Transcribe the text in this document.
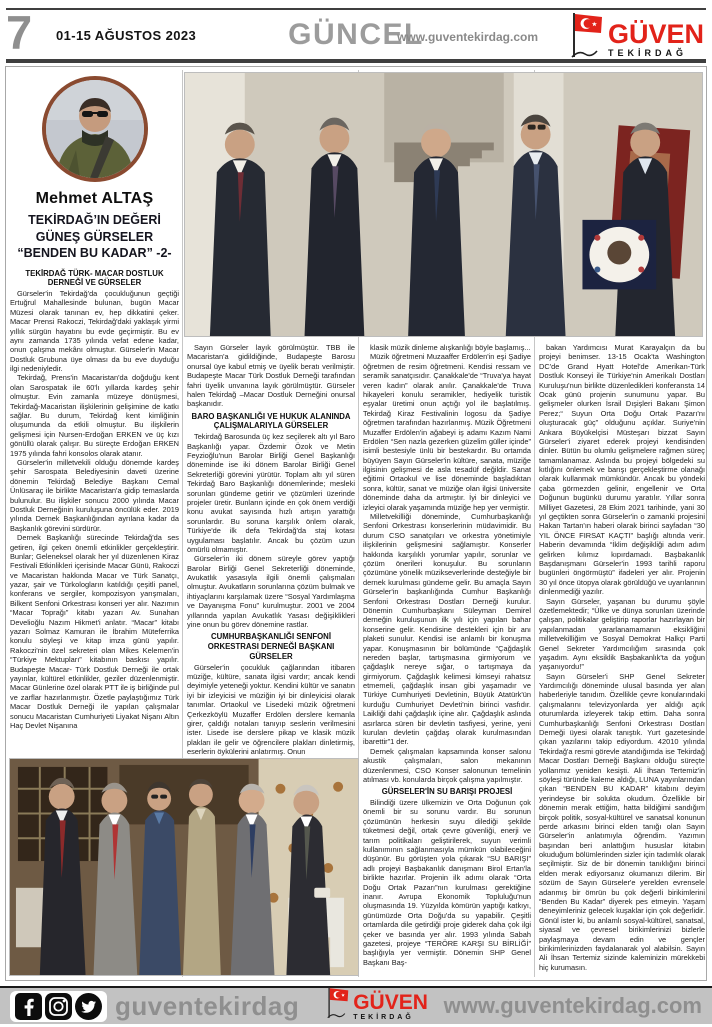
7 01-15 AĞUSTOS 2023	GÜNCEL
www.guventekirdag.com	GÜVEN
TEKİRDAĞ
Mehmet ALTAŞ
TEKİRDAĞ’IN DEĞERİ
GÜNEŞ GÜRSELER
“BENDEN BU KADAR” -2-
TEKİRDAĞ TÜRK- MACAR DOSTLUK DERNEĞİ VE GÜRSELER

Gürseler'in Tekirdağ'da çocukluğunun geçtiği Ertuğrul Mahallesinde bulunan, bugün Macar Müzesi olarak tanınan ev, hep dikkatini çeker. Macar Prensi Rakoczi, Tekirdağ'daki yaklaşık yirmi yıllık sürgün hayatını bu evde geçirmiştir. Bu ev aynı zamanda 1735 yılında vefat edene kadar, onun çalışma mekânı olmuştur. Gürseler'in Macar Dostluk Grubuna üye olması da bu eve duyduğu ilgi nedeniyledir.

Tekirdağ, Prens'in Macaristan'da doğduğu kent olan Sarospatak ile 60'lı yıllarda kardeş şehir olmuştur. Evin zamanla müzeye dönüşmesi, Tekirdağ-Macaristan ilişkilerinin gelişimine de katkı sağlar. Bu durum, Tekirdağ kent kimliğinin oluşumunda da etkili olmuştur. Bu ilişkilerin gelişmesi için Nursen-Erdoğan ERKEN ve üç kızı gönüllü olarak çalışır. Bu süreçte Erdoğan ERKEN 1975 yılında fahri konsolos olarak atanır.

Gürseler'in milletvekili olduğu dönemde kardeş şehir Sarospata Belediyesinin daveti üzerine dönemin Tekirdağ Belediye Başkanı Cemal Ünlüsaraç ile birlikte Macaristan'a gidip temaslarda bulunulur. Bu ilişkiler sonucu 2000 yılında Macar Dostluk Derneğinin kuruluşuna öncülük eder. 2019 yılında Dernek Başkanlığından ayrılana kadar da Başkanlık görevini sürdürür.

Dernek Başkanlığı sürecinde Tekirdağ'da ses getiren, ilgi çeken önemli etkinlikler gerçekleştirir. Bunlar; Geleneksel olarak her yıl düzenlenen Kiraz Festivali Etkinlikleri içerisinde Macar Günü, Rakoczi ve Macaristan hakkında Macar ve Türk Sanatçı, yazar, şair ve Türkologların katıldığı çeşitli panel, konferans ve sergiler, kompozisyon yarışmaları, Bilkent Senfoni Orkestrası konseri yer alır. Nazımın “Macar Toprağı” kitabı yazarı Av. Sunahan Develioğlu Nazım Hikmet'i anlatır. “Macar” kitabı yazarı Solmaz Kamuran ile İbrahim Müteferrika konulu söyleşi ve kitap imza günü yapılır. Rakoczi'nin özel sekreteri olan Mikes Kelemen'in “Türkiye Mektupları” kitabının baskısı yapılır. Budapeşte Macar- Türk Dostluk Derneği ile ortak yayınlar, kültürel etkinlikler, geziler düzenlenmiştir. Macar Günlerine özel olarak PTT ile iş birliğinde pul ve zarflar hazırlanmıştır. Özetle paylaştığımız Türk Macar Dostluk Derneği ile yapılan çalışmalar sonucu Macaristan Cumhuriyeti Liyakat Nişanı Altın Haç Devlet Nişanına

Sayın Gürseler layık görülmüştür. TBB ile Macaristan'a gidildiğinde, Budapeşte Barosu onursal üye kabul etmiş ve üyelik beratı verilmiştir. Budapeşte Macar Türk Dostluk Derneği tarafından fahri üyelik unvanına layık görülmüştür. Gürseler halen Tekirdağ –Macar Dostluk Derneğini onursal başkanıdır.

BARO BAŞKANLIĞI VE HUKUK ALANINDA ÇALIŞMALARIYLA GÜRSELER

Tekirdağ Barosunda üç kez seçilerek altı yıl Baro Başkanlığı yapar. Özdemir Özok ve Metin Feyzioğlu'nun Barolar Birliği Genel Başkanlığı döneminde ise iki dönem Barolar Birliği Genel Sekreterliği görevini yürütür. Toplam altı yıl süren Tekirdağ Baro Başkanlığı dönemlerinde; mesleki sorunları gündeme getirir ve çözümleri üzerinde projeler üretir. Bunların içinde en çok önem verdiği konu avukat sayısında hızlı artışın yarattığı sorunlardır. Bu soruna karşılık önlem olarak, Türkiye'de ilk defa Tekirdağ'da staj kotası uygulaması başlatılır. Ancak bu çözüm uzun ömürlü olmamıştır.

Gürseler'in iki dönem süreyle görev yaptığı Barolar Birliği Genel Sekreterliği döneminde, Avukatlık yasasıyla ilgili önemli çalışmaları olmuştur. Avukatların sorunlarına çözüm bulmak ve ihtiyaçlarını karşılamak üzere “Sosyal Yardımlaşma ve Dayanışma Fonu” kurulmuştur. 2001 ve 2004 yıllarında yapılan Avukatlık Yasası değişiklikleri yine onun bu görev dönemine rastlar.

CUMHURBAŞKANLIĞI SENFONİ ORKESTRASI DERNEĞİ BAŞKANI GÜRSELER

Gürseler'in çocukluk çağlarından itibaren müziğe, kültüre, sanata ilgisi vardır; ancak kendi deyimiyle yeteneği yoktur. Kendini kültür ve sanatın iyi bir izleyicisi ve müziğin iyi bir dinleyicisi olarak tanımlar. Ortaokul ve Lisedeki müzik öğretmeni Çerkezköylü Muzaffer Erdölen derslere kemanla girer, çaldığı notaları tanıyıp seslerin verilmesini ister. Lisede ise derslere pikap ve klasik müzik plakları ile gelir ve öğrencilere plakları dinletirmiş, eserlerin öykülerini anlatırmış. Onun

klasik müzik dinleme alışkanlığı böyle başlamış...

Müzik öğretmeni Muzaaffer Erdölen'in eşi Şadiye öğretmen de resim öğretmeni. Kendisi ressam ve seramik sanatçısıdır. Çanakkale'de “Truva'ya hayat veren kadın” olarak anılır. Çanakkale'de Truva hikayeleri konulu seramikler, hediyelik turistik eşyalar üretimi onun açtığı yol ile başlatılmış. Tekirdağ Kiraz Festivalinin logosu da Şadiye öğretmen tarafından hazırlanmış. Müzik Öğretmeni Muzaffer Erdölen'in ağabeyi iş adamı Kazım Nami Erdölen “Sen nazla gezerken güzelim güller içinde” isimli bestesiyle ünlü bir bestekardır. Bu ortamda büyüyen Sayın Gürseler'in kültüre, sanata, müziğe ilgisinin gelişmesi de asla tesadüf değildir. Sanat eğitimi Ortaokul ve lise döneminde başladıktan sonra, kültür, sanat ve müziğe olan ilgisi üniversite döneminde daha da artmıştır. İyi bir dinleyici ve izleyici olarak yaşamında müziğe hep yer vermiştir.

Milletvekilliği döneminde, Cumhurbaşkanlığı Senfoni Orkestrası konserlerinin müdavimidir. Bu durum CSO sanatçıları ve orkestra yönetimiyle ilişkilerinin gelişmesini sağlamıştır. Konserler hakkında karşılıklı yorumlar yapılır, sorunlar ve çözüm önerileri konuşulur. Bu sorunların çözümüne yönelik müzikseverlerinde desteğiyle bir dernek kurulması gündeme gelir. Bu amaçla Sayın Gürseler'in başkanlığında Cumhur Başkanlığı Senfoni Orkestrası Dostları Derneği kurulur. Dönemin Cumhurbaşkanı Süleyman Demirel derneğin kuruluşunun ilk yılı için yapılan bahar konserine gelir. Kendisine destekleri için bir anı plaketi sunulur. Kendisi ise anlamlı bir konuşma yapar. Konuşmasının bir bölümünde “Çağdaşlık nereden başlar, tartışmasına girmiyorum ve çağdaşlık nereye sığar, o tartışmaya da girmiyorum. Çağdaşlık kelimesi kimseyi rahatsız etmemeli, çağdaşlık insan gibi yaşamadır ve Türkiye Cumhuriyeti Devletinin, Büyük Atatürk'ün kurduğu Cumhuriyet Devleti'nin birinci vasfıdır. Laikliği dahi çağdaşlık içine alır. Çağdaşlık aslında asırlarca süren bir devletin tasfiyesi, yerine, yeni kurulan devletin çağdaş olarak kurulmasından ibarettir”1 der.

Dernek çalışmaları kapsamında konser salonu akustik çalışmaları, salon mekanının düzenlenmesi, CSO Konser salonunun temelinin atılması vb. konularda birçok çalışma yapılmıştır.

GÜRSELER'İN SU BARIŞI PROJESİ

Bilindiği üzere ülkemizin ve Orta Doğunun çok önemli bir su sorunu vardır. Bu sorunun çözümünün herkesin suyu dilediği şekilde tüketmesi değil, ortak çevre güvenliği, enerji ve tarım politikaları geliştirilerek, suyun verimli kullanımının sağlanmasıyla mümkün olabileceğini düşünür. Bu görüşten yola çıkarak “SU BARIŞI” adlı projeyi Başbakanlık danışmanı Birol Ertan'la birlikte hazırlar. Projenin ilk adımı olarak “Orta Doğu Ortak Pazarı”nın kurulması gerektiğine inanır. Avrupa Ekonomik Topluluğu'nun oluşmasında 19. Yüzyılda kömürün yaptığı katkıyı, günümüzde Orta Doğu'da su yapabilir. Çeşitli ortamlarda dile getirdiği proje giderek daha çok ilgi çeker ve basında yer alır. 1993 yılında Sabah gazetesi, projeye “TERÖRE KARŞI SU BİRLİĞİ” başlığıyla yer vermiştir. Dönemin SHP Genel Başkanı Baş-

bakan Yardımcısı Murat Karayalçın da bu projeyi benimser. 13-15 Ocak'ta Washington DC'de Grand Hyatt Hotel'de Amerikan-Türk Dostluk Konseyi ile Türkiye'nin Amerikalı Dostları Kuruluşu'nun birlikte düzenledikleri konferansta 14 Ocak günü projenin sunumunu yapar. Bu gelişmeler olurken İsrail Dışişleri Bakanı Şimon Perez;“ Suyun Orta Doğu Ortak Pazarı'nı oluşturacak güç” olduğunu açıklar. Suriye'nin Ankara Büyükelçisi Müsteşarı bizzat Sayın Gürseler'i ziyaret ederek projeyi kendisinden dinler. Bütün bu olumlu gelişmelere rağmen süreç tamamlanamaz. Aslında bu projeyi bölgedeki su kıtlığını önlemek ve barışı gerçekleştirme olanağı olarak kullanmak mümkündür. Ancak bu yöndeki çaba görmezden gelinir, engellenir ve Orta Doğunun bugünkü durumu yaratılır. Yıllar sonra Milliyet Gazetesi, 28 Ekim 2021 tarihinde, yani 30 yıl geçtikten sonra Gürseler'in o zamanki projesini Hakan Tartan'ın haberi olarak birinci sayfadan “30 YIL ÖNCE FIRSAT KAÇTI” başlığı altında verir. Haberin devamında “İklim değişikliği adım adım gelirken kılımız kıpırdamadı. Başbakanlık Başdanışmanı Gürseler'in 1993 tarihli raporu bugünleri öngörmüştü” ifadeleri yer alır. Projenin 30 yıl önce ütopya olarak görüldüğü ve uyarılarının dinlenmediği yazılır.

Sayın Gürseler, yaşanan bu durumu şöyle özetlemektedir; “Ülke ve dünya sorunları üzerinde çalışan, politikalar geliştirip raporlar hazırlayan bir yapılanmadan yararlanamamanın eksikliğini milletvekilliğim ve Sosyal Demokrat Halkçı Parti Genel Sekreter Yardımcılığım sırasında çok yaşadım. Aynı eksiklik Başbakanlık'ta da yoğun yaşanıyordu!”

Sayın Gürseler'i SHP Genel Sekreter Yardımcılığı döneminde ulusal basında yer alan haberleriyle tanıdım. Özellikle çevre konularındaki çalışmalarını televizyonlarda yer aldığı açık oturumlarda izleyerek takip ettim. Daha sonra Cumhurbaşkanlığı Senfoni Orkestrası Dostları Derneği üyesi olarak tanıştık. Yurt gazetesinde çıkan yazılarını takip ediyordum. 42010 yılında Tekirdağ'a resmi görevle atandığımda ise Tekirdağ Macar Dostları Derneği Başkanı olduğu süreçte yollarımız yeniden kesişti. Ali İhsan Tertemiz'in söyleşi türünde kaleme aldığı, LUNA yayınlarından çıkan “BENDEN BU KADAR” kitabını deyim yerindeyse bir solukta okudum. Özellikle bir dönemin merak ettiğim, hatta bildiğimi sandığım birçok politik, sosyal-kültürel ve sanatsal konunun perde arkasını birinci elden tanığı olan Sayın Gürseler'in anlatımıyla öğrendim. Yazımın başından beri anlattığım hususlar kitabın okuduğum bölümlerinden sizler için tadımlık olarak seçilmiştir. Siz de bir dönemin tanıklığını birinci elden merak ediyorsanız okumanızı dilerim. Bir sözüm de Sayın Gürseler'e yerelden evrensele adanmış bir ömrün bu çok değerli birikimlerini “Benden Bu Kadar” diyerek pes etmeyin. Yaşam deneyimleriniz gelecek kuşaklar için çok değerlidir. Gönül ister ki, bu anlamlı sosyal-kültürel, sanatsal, siyasal ve çevresel birikimlerinizi bizlerle paylaşmaya devam edin ve gençler birikimlerinizden faydalanarak yol alabilsin. Sayın Ali İhsan Tertemiz sizinde kaleminizin mürekkebi hiç kurumasın.

guventekirdag	GÜVEN
TEKİRDAĞ	www.guventekirdag.com
